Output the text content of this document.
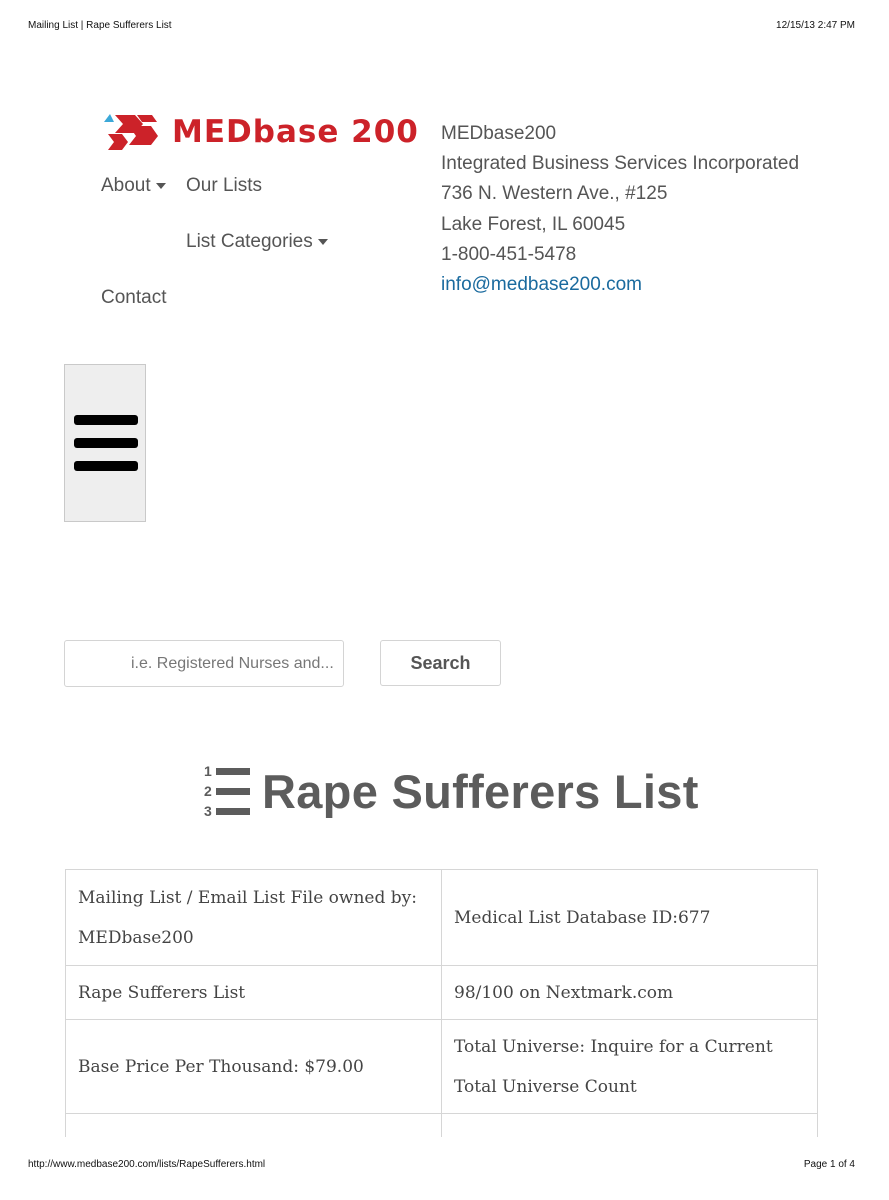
Mailing List | Rape Sufferers List	12/15/13 2:47 PM
MEDbase 200
About	Our Lists
List Categories
Contact
MEDbase200
Integrated Business Services Incorporated
736 N. Western Ave., #125
Lake Forest, IL 60045
1-800-451-5478
info@medbase200.com
i.e. Registered Nurses and...
Search
1
2
3 Rape Sufferers List
Mailing List / Email List File owned by: MEDbase200	Medical List Database ID:677
Rape Sufferers List	98/100 on Nextmark.com
Base Price Per Thousand: $79.00	Total Universe: Inquire for a Current Total Universe Count

http://www.medbase200.com/lists/RapeSufferers.html	Page 1 of 4
